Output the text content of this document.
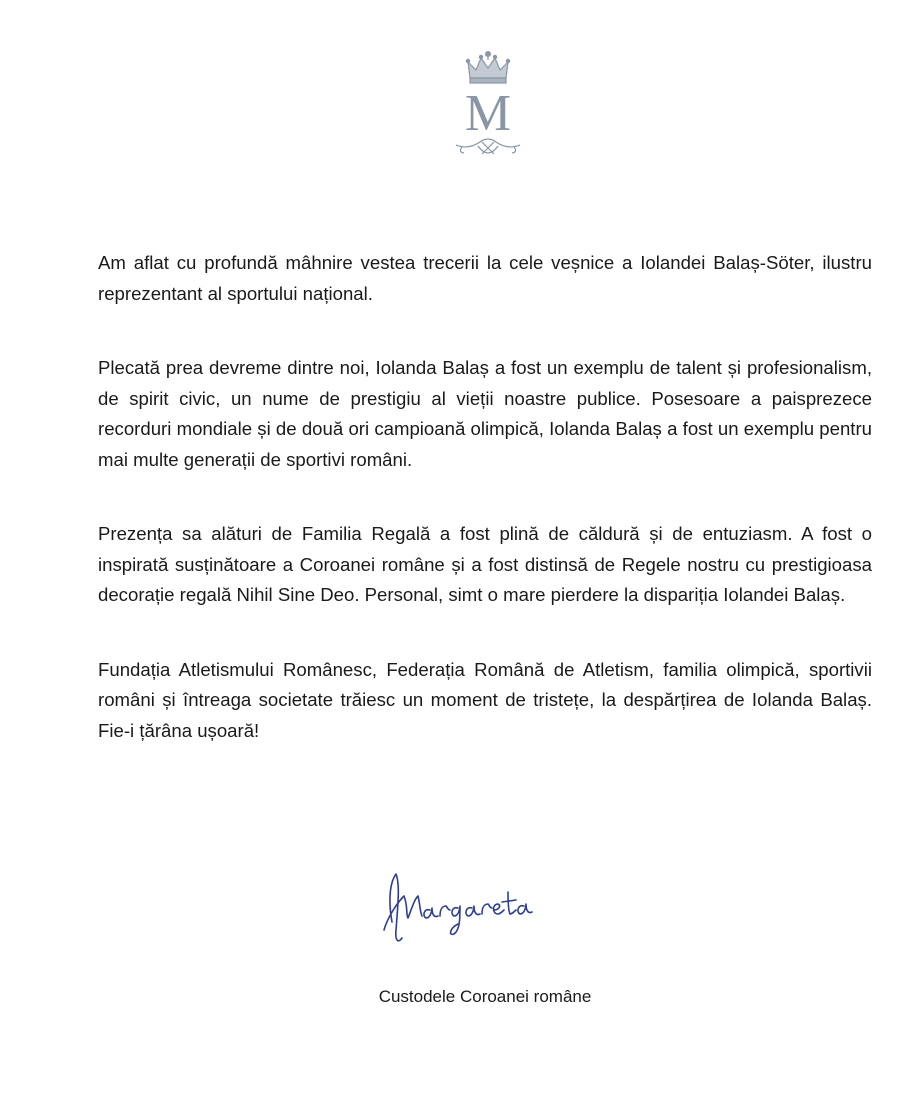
M

Am aflat cu profundă mâhnire vestea trecerii la cele veșnice a Iolandei Balaș-Söter, ilustru reprezentant al sportului național.

Plecată prea devreme dintre noi, Iolanda Balaș a fost un exemplu de talent și profesionalism, de spirit civic, un nume de prestigiu al vieții noastre publice. Posesoare a paisprezece recorduri mondiale și de două ori campioană olimpică, Iolanda Balaș a fost un exemplu pentru mai multe generații de sportivi români.

Prezența sa alături de Familia Regală a fost plină de căldură și de entuziasm. A fost o inspirată susținătoare a Coroanei române și a fost distinsă de Regele nostru cu prestigioasa decorație regală Nihil Sine Deo. Personal, simt o mare pierdere la dispariția Iolandei Balaș.

Fundația Atletismului Românesc, Federația Română de Atletism, familia olimpică, sportivii români și întreaga societate trăiesc un moment de tristețe, la despărțirea de Iolanda Balaș. Fie-i țărâna ușoară!

Custodele Coroanei române
